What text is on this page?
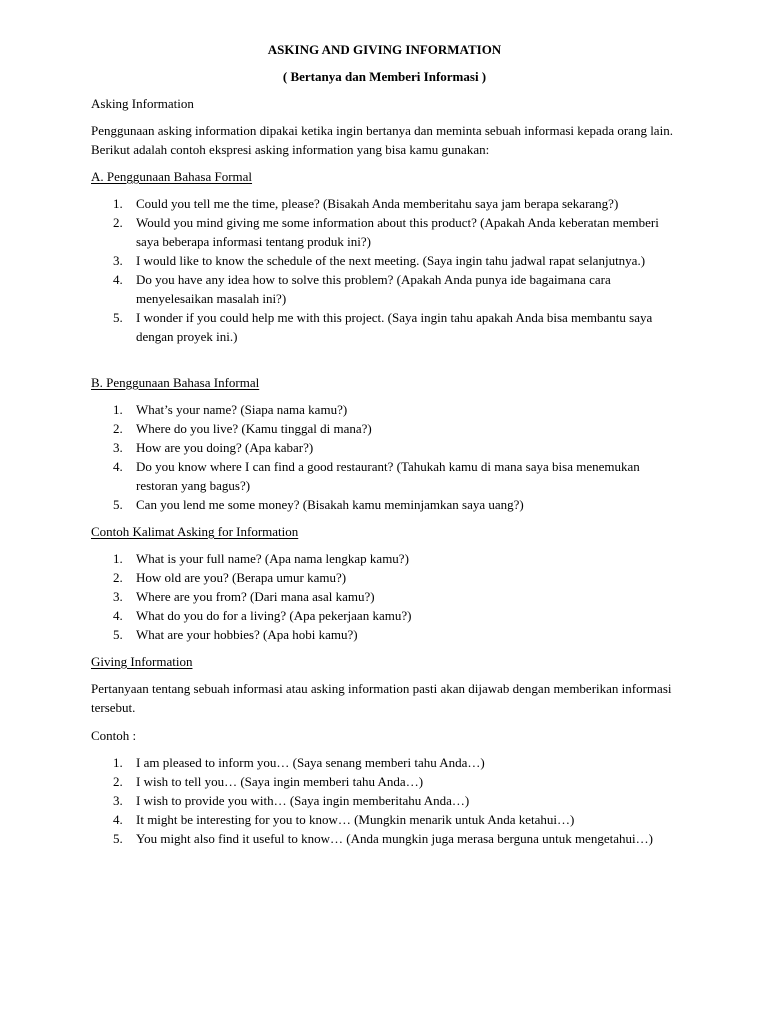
ASKING AND GIVING INFORMATION

( Bertanya dan Memberi Informasi )

Asking Information

Penggunaan asking information dipakai ketika ingin bertanya dan meminta sebuah informasi kepada orang lain. Berikut adalah contoh ekspresi asking information yang bisa kamu gunakan:

A. Penggunaan Bahasa Formal

1. Could you tell me the time, please? (Bisakah Anda memberitahu saya jam berapa sekarang?)
2. Would you mind giving me some information about this product? (Apakah Anda keberatan memberi saya beberapa informasi tentang produk ini?)
3. I would like to know the schedule of the next meeting. (Saya ingin tahu jadwal rapat selanjutnya.)
4. Do you have any idea how to solve this problem? (Apakah Anda punya ide bagaimana cara menyelesaikan masalah ini?)
5. I wonder if you could help me with this project. (Saya ingin tahu apakah Anda bisa membantu saya dengan proyek ini.)

B. Penggunaan Bahasa Informal

1. What’s your name? (Siapa nama kamu?)
2. Where do you live? (Kamu tinggal di mana?)
3. How are you doing? (Apa kabar?)
4. Do you know where I can find a good restaurant? (Tahukah kamu di mana saya bisa menemukan restoran yang bagus?)
5. Can you lend me some money? (Bisakah kamu meminjamkan saya uang?)

Contoh Kalimat Asking for Information

1. What is your full name? (Apa nama lengkap kamu?)
2. How old are you? (Berapa umur kamu?)
3. Where are you from? (Dari mana asal kamu?)
4. What do you do for a living? (Apa pekerjaan kamu?)
5. What are your hobbies? (Apa hobi kamu?)

Giving Information

Pertanyaan tentang sebuah informasi atau asking information pasti akan dijawab dengan memberikan informasi tersebut.

Contoh :

1. I am pleased to inform you… (Saya senang memberi tahu Anda…)
2. I wish to tell you… (Saya ingin memberi tahu Anda…)
3. I wish to provide you with… (Saya ingin memberitahu Anda…)
4. It might be interesting for you to know… (Mungkin menarik untuk Anda ketahui…)
5. You might also find it useful to know… (Anda mungkin juga merasa berguna untuk mengetahui…)
